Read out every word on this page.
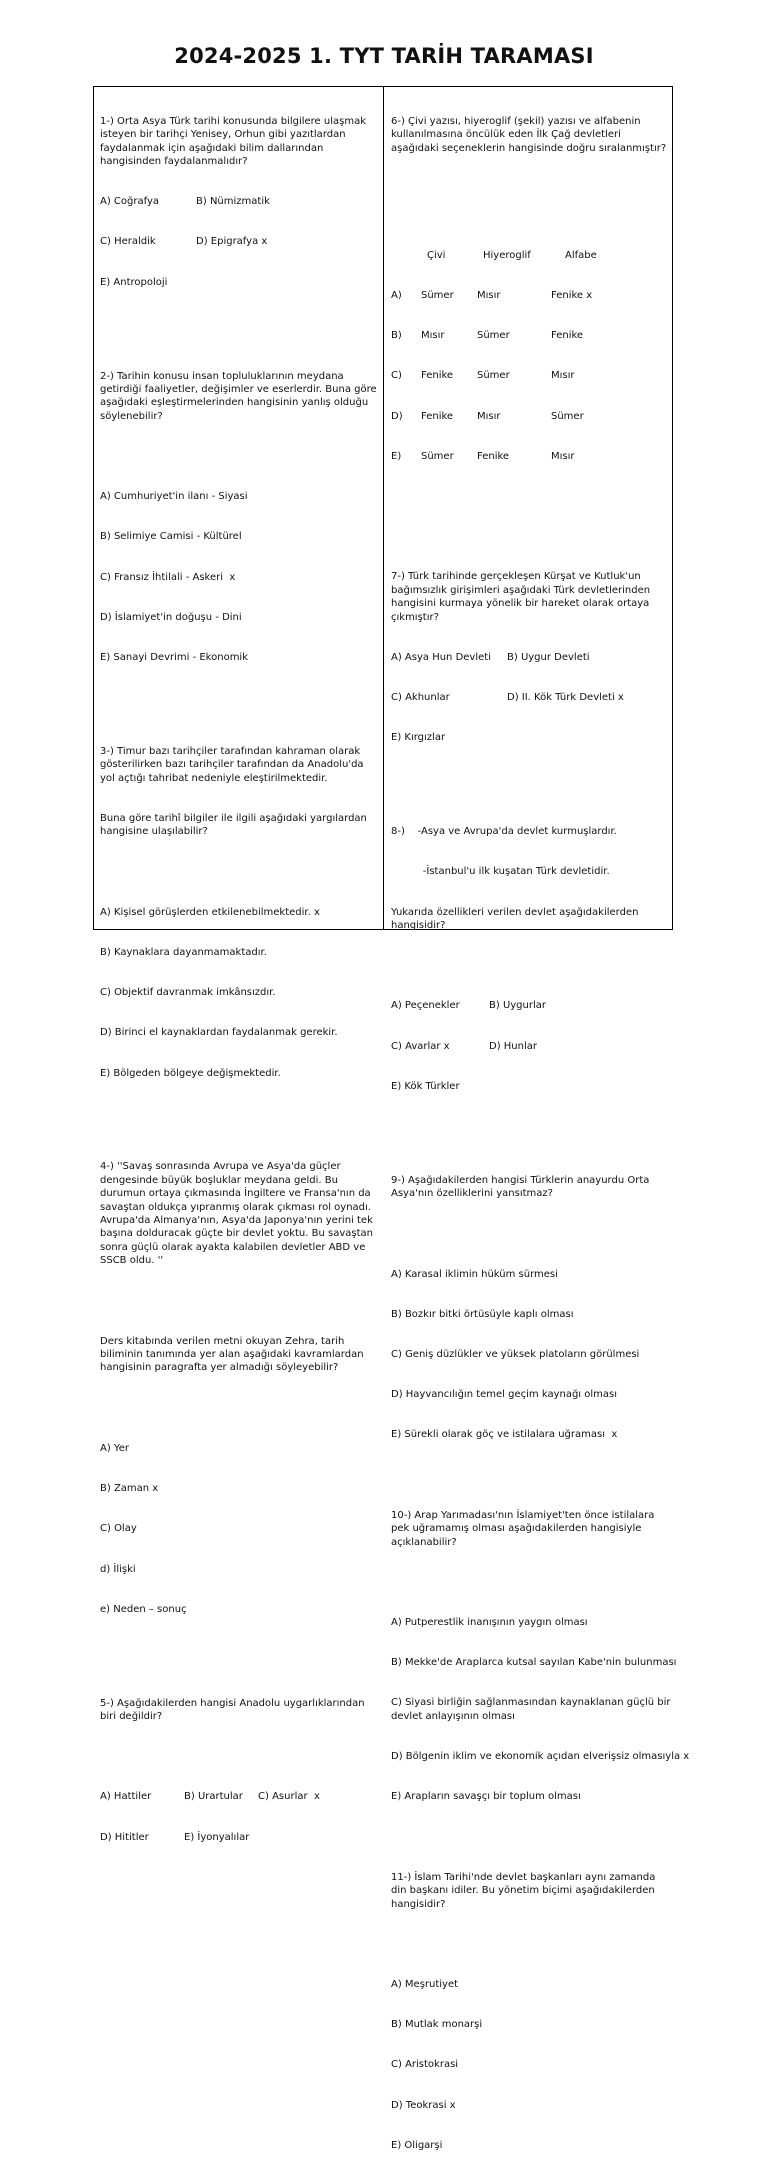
2024-2025 1. TYT TARİH TARAMASI

1-) Orta Asya Türk tarihi konusunda bilgilere ulaşmak isteyen bir tarihçi Yenisey, Orhun gibi yazıtlardan faydalanmak için aşağıdaki bilim dallarından hangisinden faydalanmalıdır?

A) Coğrafya	B) Nümizmatik

C) Heraldik	D) Epigrafya x

E) Antropoloji

2-) Tarihin konusu insan topluluklarının meydana getirdiği faaliyetler, değişimler ve eserlerdir. Buna göre aşağıdaki eşleştirmelerinden hangisinin yanlış olduğu söylenebilir?

A) Cumhuriyet'in ilanı - Siyasi

B) Selimiye Camisi - Kültürel

C) Fransız İhtilali - Askeri  x

D) İslamiyet'in doğuşu - Dini

E) Sanayi Devrimi - Ekonomik

3-) Timur bazı tarihçiler tarafından kahraman olarak gösterilirken bazı tarihçiler tarafından da Anadolu'da yol açtığı tahribat nedeniyle eleştirilmektedir.

Buna göre tarihî bilgiler ile ilgili aşağıdaki yargılardan hangisine ulaşılabilir?

A) Kişisel görüşlerden etkilenebilmektedir. x

B) Kaynaklara dayanmamaktadır.

C) Objektif davranmak imkânsızdır.

D) Birinci el kaynaklardan faydalanmak gerekir.

E) Bölgeden bölgeye değişmektedir.

4-) ''Savaş sonrasında Avrupa ve Asya'da güçler dengesinde büyük boşluklar meydana geldi. Bu durumun ortaya çıkmasında İngiltere ve Fransa'nın da savaştan oldukça yıpranmış olarak çıkması rol oynadı. Avrupa'da Almanya'nın, Asya'da Japonya'nın yerini tek başına dolduracak güçte bir devlet yoktu. Bu savaştan sonra güçlü olarak ayakta kalabilen devletler ABD ve SSCB oldu. ''

Ders kitabında verilen metni okuyan Zehra, tarih biliminin tanımında yer alan aşağıdaki kavramlardan hangisinin paragrafta yer almadığı söyleyebilir?

A) Yer

B) Zaman x

C) Olay

d) İlişki

e) Neden – sonuç

5-) Aşağıdakilerden hangisi Anadolu uygarlıklarından biri değildir?

A) Hattiler	B) Urartular	C) Asurlar  x

D) Hititler	E) İyonyalılar

6-) Çivi yazısı, hiyeroglif (şekil) yazısı ve alfabenin kullanılmasına öncülük eden İlk Çağ devletleri aşağıdaki seçeneklerin hangisinde doğru sıralanmıştır?

Çivi	Hiyeroglif	Alfabe

A)	Sümer	Mısır	Fenike x

B)	Mısır	Sümer	Fenike

C)	Fenike	Sümer	Mısır

D)	Fenike	Mısır	Sümer

E)	Sümer	Fenike	Mısır

7-) Türk tarihinde gerçekleşen Kürşat ve Kutluk'un bağımsızlık girişimleri aşağıdaki Türk devletlerinden hangisini kurmaya yönelik bir hareket olarak ortaya çıkmıştır?

A) Asya Hun Devleti	B) Uygur Devleti

C) Akhunlar	D) II. Kök Türk Devleti x

E) Kırgızlar

8-)    -Asya ve Avrupa'da devlet kurmuşlardır.

-İstanbul'u ilk kuşatan Türk devletidir.

Yukarıda özellikleri verilen devlet aşağıdakilerden hangisidir?

A) Peçenekler	B) Uygurlar

C) Avarlar x	D) Hunlar

E) Kök Türkler

9-) Aşağıdakilerden hangisi Türklerin anayurdu Orta Asya'nın özelliklerini yansıtmaz?

A) Karasal iklimin hüküm sürmesi

B) Bozkır bitki örtüsüyle kaplı olması

C) Geniş düzlükler ve yüksek platoların görülmesi

D) Hayvancılığın temel geçim kaynağı olması

E) Sürekli olarak göç ve istilalara uğraması  x

10-) Arap Yarımadası'nın İslamiyet'ten önce istilalara pek uğramamış olması aşağıdakilerden hangisiyle açıklanabilir?

A) Putperestlik inanışının yaygın olması

B) Mekke'de Araplarca kutsal sayılan Kabe'nin bulunması

C) Siyasi birliğin sağlanmasından kaynaklanan güçlü bir devlet anlayışının olması

D) Bölgenin iklim ve ekonomik açıdan elverişsiz olmasıyla x

E) Arapların savaşçı bir toplum olması

11-) İslam Tarihi'nde devlet başkanları aynı zamanda din başkanı idiler. Bu yönetim biçimi aşağıdakilerden hangisidir?

A) Meşrutiyet

B) Mutlak monarşi

C) Aristokrasi

D) Teokrasi x

E) Oligarşi
